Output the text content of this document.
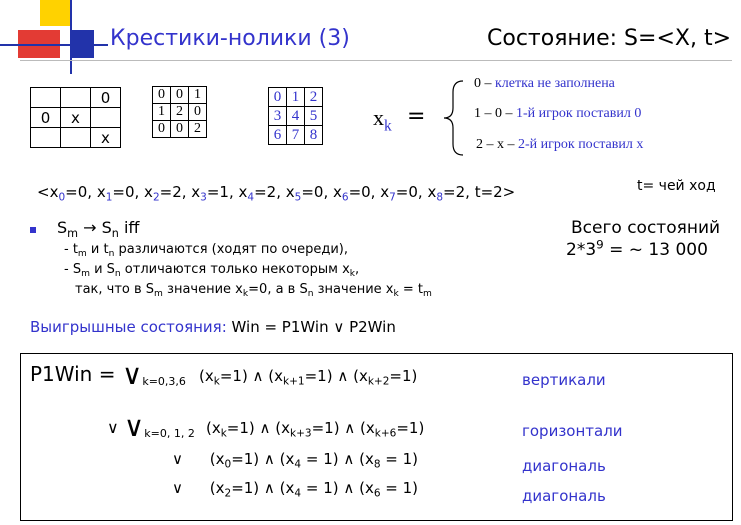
Крестики-нолики (3)	Состояние: S=<X, t>
		0
0	x	
		x
0	0	1
1	2	0
0	0	2
0	1	2
3	4	5
6	7	8
$x_k$ =
0 – клетка не заполнена
1 – 0 – 1-й игрок поставил 0
2 – x – 2-й игрок поставил x
$<x_0=0$, $x_1=0$, $x_2=2$, $x_3=1$, $x_4=2$, $x_5=0$, $x_6=0$, $x_7=0$, $x_8=2$, t=2>	t= чей ход
$S_m \to S_n$ iff
- $t_m$ и $t_n$ различаются (ходят по очереди),
- $S_m$ и $S_n$ отличаются только некоторым $x_k$,
так, что в $S_m$ значение $x_k=0$, а в $S_n$ значение $x_k = t_m$
Всего состояний
$2*3^9$ = ~ 13 000
Выигрышные состояния: Win = P1Win ∨ P2Win
$P1Win = \vee_{k=0,3,6}$ $(x_k=1)$ ∧ $(x_{k+1}=1)$ ∧ $(x_{k+2}=1)$	вертикали
∨ $\vee_{k=0, 1, 2}$ $(x_k=1)$ ∧ $(x_{k+3}=1)$ ∧ $(x_{k+6}=1)$	горизонтали
∨ $(x_0=1)$ ∧ $(x_4 = 1)$ ∧ $(x_8 = 1)$	диагональ
∨ $(x_2=1)$ ∧ $(x_4 = 1)$ ∧ $(x_6 = 1)$	диагональ
